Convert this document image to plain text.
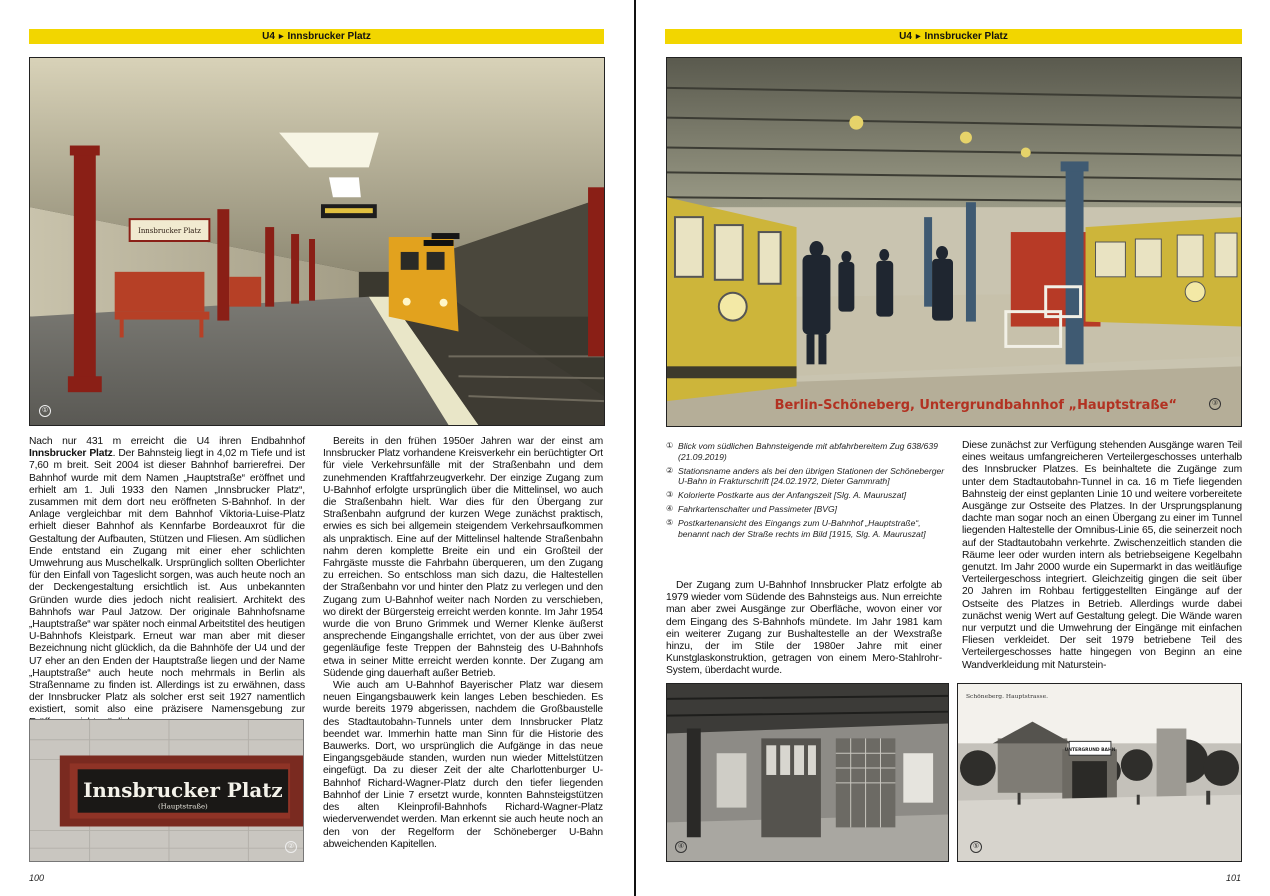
U4 ▶ Innsbrucker Platz
Innsbrucker Platz
①

Nach nur 431 m erreicht die U4 ihren Endbahnhof Innsbrucker Platz. Der Bahnsteig liegt in 4,02 m Tiefe und ist 7,60 m breit. Seit 2004 ist dieser Bahnhof barrierefrei. Der Bahnhof wurde mit dem Namen „Hauptstraße“ eröffnet und erhielt am 1. Juli 1933 den Namen „Innsbrucker Platz“, zusammen mit dem dort neu eröffneten S-Bahnhof. In der Anlage vergleichbar mit dem Bahnhof Viktoria-Luise-Platz erhielt dieser Bahnhof als Kennfarbe Bordeauxrot für die Gestaltung der Aufbauten, Stützen und Fliesen. Am südlichen Ende entstand ein Zugang mit einer eher schlichten Umwehrung aus Muschelkalk. Ursprünglich sollten Oberlichter für den Einfall von Tageslicht sorgen, was auch heute noch an der Deckengestaltung ersichtlich ist. Aus unbekannten Gründen wurde dies jedoch nicht realisiert. Architekt des Bahnhofs war Paul Jatzow. Der originale Bahnhofsname „Hauptstraße“ war später noch einmal Arbeitstitel des heutigen U-Bahnhofs Kleistpark. Erneut war man aber mit dieser Bezeichnung nicht glücklich, da die Bahnhöfe der U4 und der U7 eher an den Enden der Hauptstraße liegen und der Name „Hauptstraße“ auch heute noch mehrmals in Berlin als Straßenname zu finden ist. Allerdings ist zu erwähnen, dass der Innsbrucker Platz als solcher erst seit 1927 namentlich existiert, somit also eine präzisere Namensgebung zur

Innsbrucker Platz
(Hauptstraße)
②

Bereits in den frühen 1950er Jahren war der einst am Innsbrucker Platz vorhandene Kreisverkehr ein berüchtigter Ort für viele Verkehrsunfälle mit der Straßenbahn und dem zunehmenden Kraftfahrzeugverkehr. Der einzige Zugang zum U-Bahnhof erfolgte ursprünglich über die Mittelinsel, wo auch die Straßenbahn hielt. War dies für den Übergang zur Straßenbahn aufgrund der kurzen Wege zunächst praktisch, erwies es sich bei allgemein steigendem Verkehrsaufkommen als unpraktisch. Eine auf der Mittelinsel haltende Straßenbahn nahm deren komplette Breite ein und ein Großteil der Fahrgäste musste die Fahrbahn überqueren, um den Zugang zu erreichen. So entschloss man sich dazu, die Haltestellen der Straßenbahn vor und hinter den Platz zu verlegen und den Zugang zum U-Bahnhof weiter nach Norden zu verschieben, wo direkt der Bürgersteig erreicht werden konnte. Im Jahr 1954 wurde die von Bruno Grimmek und Werner Klenke äußerst ansprechende Eingangshalle errichtet, von der aus über zwei gegenläufige feste Treppen der Bahnsteig des U-Bahnhofs etwa in seiner Mitte erreicht werden konnte. Der Zugang am Südende ging dauerhaft außer Betrieb.

Wie auch am U-Bahnhof Bayerischer Platz war diesem neuen Eingangsbauwerk kein langes Leben beschieden. Es wurde bereits 1979 abgerissen, nachdem die Großbaustelle des Stadtautobahn-Tunnels unter dem Innsbrucker Platz beendet war. Immerhin hatte man Sinn für die Historie des Bauwerks. Dort, wo ursprünglich die Aufgänge in das neue Eingangsgebäude standen, wurden nun wieder Mittelstützen eingefügt. Da zu dieser Zeit der alte Charlottenburger U-Bahnhof Richard-Wagner-Platz durch den tiefer liegenden Bahnhof der Linie 7 ersetzt wurde, konnten Bahnsteigstützen des alten Kleinprofil-Bahnhofs Richard-Wagner-Platz wiederverwendet werden. Man erkennt sie auch heute noch an den von der Regelform der Schöneberger U-Bahn abweichenden Kapitellen.

100
U4 ▶ Innsbrucker Platz
Berlin-Schöneberg, Untergrundbahnhof „Hauptstraße“	③
① Blick vom südlichen Bahnsteigende mit abfahrbereitem Zug 638/639 (21.09.2019)
② Stationsname anders als bei den übrigen Stationen der Schöneberger U-Bahn in Frakturschrift [24.02.1972, Dieter Gammrath]
③ Kolorierte Postkarte aus der Anfangszeit [Slg. A. Mauruszat]
④ Fahrkartenschalter und Passimeter [BVG]
⑤ Postkartenansicht des Eingangs zum U-Bahnhof „Hauptstraße“, benannt nach der Straße rechts im Bild [1915, Slg. A. Mauruszat]

Der Zugang zum U-Bahnhof Innsbrucker Platz erfolgte ab 1979 wieder vom Südende des Bahnsteigs aus. Nun erreichte man aber zwei Ausgänge zur Oberfläche, wovon einer vor dem Eingang des S-Bahnhofs mündete. Im Jahr 1981 kam ein weiterer Zugang zur Bushaltestelle an der Wexstraße hinzu, der im Stile der 1980er Jahre mit einer Kunstglaskonstruktion, getragen von einem Mero-Stahlrohr-System, überdacht wurde.

Diese zunächst zur Verfügung stehenden Ausgänge waren Teil eines weitaus umfangreicheren Verteilergeschosses unterhalb des Innsbrucker Platzes. Es beinhaltete die Zugänge zum unter dem Stadtautobahn-Tunnel in ca. 16 m Tiefe liegenden Bahnsteig der einst geplanten Linie 10 und weitere vorbereitete Ausgänge zur Ostseite des Platzes. In der Ursprungsplanung dachte man sogar noch an einen Übergang zu einer im Tunnel liegenden Haltestelle der Omnibus-Linie 65, die seinerzeit noch auf der Stadtautobahn verkehrte. Zwischenzeitlich standen die Räume leer oder wurden intern als betriebseigene Kegelbahn genutzt. Im Jahr 2000 wurde ein Supermarkt in das weitläufige Verteilergeschoss integriert. Gleichzeitig gingen die seit über 20 Jahren im Rohbau fertiggestellten Eingänge auf der Ostseite des Platzes in Betrieb. Allerdings wurde dabei zunächst wenig Wert auf Gestaltung gelegt. Die Wände waren nur verputzt und die Umwehrung der Eingänge mit einfachen Fliesen verkleidet. Der seit 1979 betriebene Teil des Verteilergeschosses hatte hingegen von Beginn an eine Wandverkleidung mit Naturstein-

④
Schöneberg. Hauptstrasse.
UNTERGRUND BAHN
⑤
101
